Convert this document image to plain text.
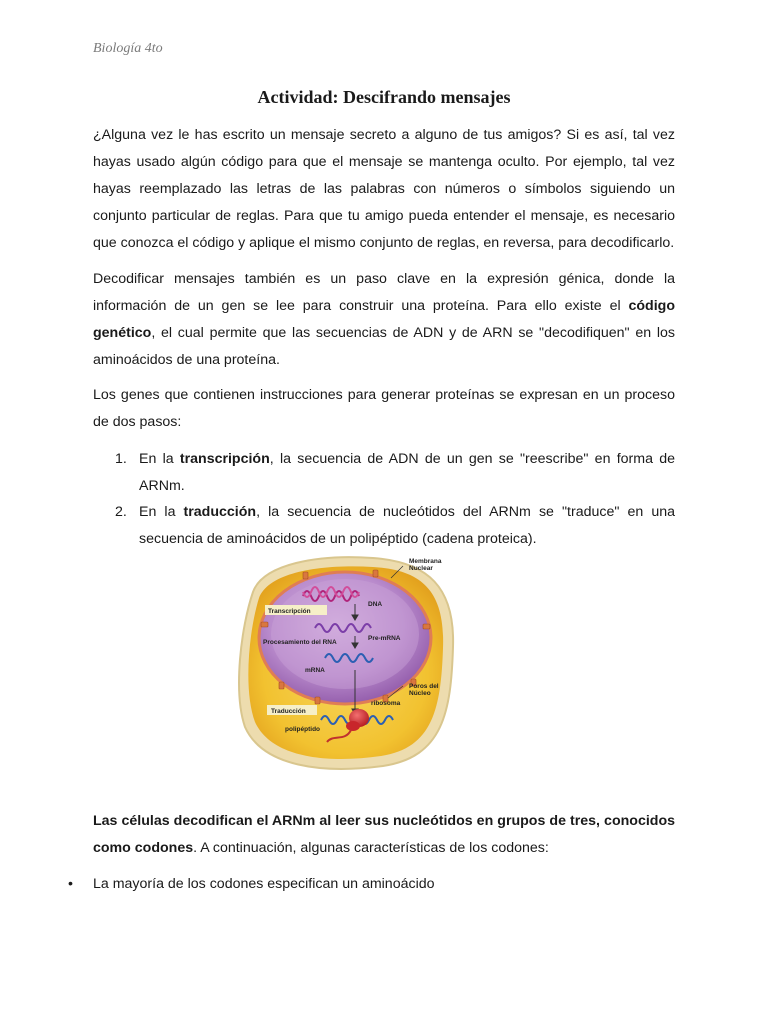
Biología 4to
Actividad: Descifrando mensajes

¿Alguna vez le has escrito un mensaje secreto a alguno de tus amigos? Si es así, tal vez hayas usado algún código para que el mensaje se mantenga oculto. Por ejemplo, tal vez hayas reemplazado las letras de las palabras con números o símbolos siguiendo un conjunto particular de reglas. Para que tu amigo pueda entender el mensaje, es necesario que conozca el código y aplique el mismo conjunto de reglas, en reversa, para decodificarlo.

Decodificar mensajes también es un paso clave en la expresión génica, donde la información de un gen se lee para construir una proteína. Para ello existe el código genético, el cual permite que las secuencias de ADN y de ARN se "decodifiquen" en los aminoácidos de una proteína.

Los genes que contienen instrucciones para generar proteínas se expresan en un proceso de dos pasos:

1. En la transcripción, la secuencia de ADN de un gen se "reescribe" en forma de ARNm.
2. En la traducción, la secuencia de nucleótidos del ARNm se "traduce" en una secuencia de aminoácidos de un polipéptido (cadena proteica).
Membrana
Nuclear
DNA
Transcripción
Pre-mRNA
Procesamiento del RNA
mRNA
Poros del
Núcleo
ribosoma
Traducción
polipéptido

Las células decodifican el ARNm al leer sus nucleótidos en grupos de tres, conocidos como codones. A continuación, algunas características de los codones:

• La mayoría de los codones especifican un aminoácido
